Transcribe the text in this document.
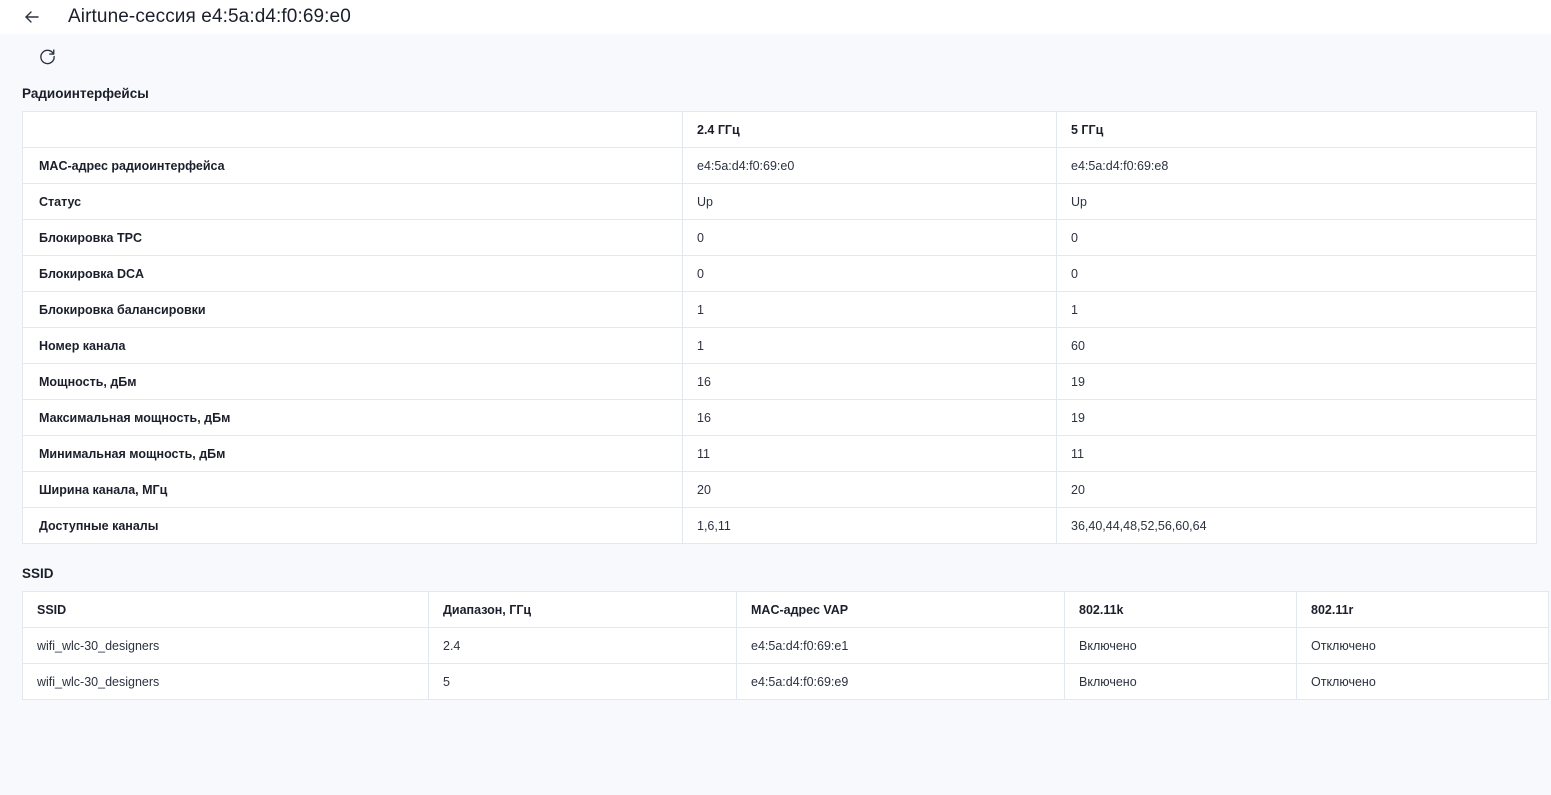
Airtune-сессия e4:5a:d4:f0:69:e0
Радиоинтерфейсы
	2.4 ГГц	5 ГГц
MAC-адрес радиоинтерфейса	e4:5a:d4:f0:69:e0	e4:5a:d4:f0:69:e8
Статус	Up	Up
Блокировка TPC	0	0
Блокировка DCA	0	0
Блокировка балансировки	1	1
Номер канала	1	60
Мощность, дБм	16	19
Максимальная мощность, дБм	16	19
Минимальная мощность, дБм	11	11
Ширина канала, МГц	20	20
Доступные каналы	1,6,11	36,40,44,48,52,56,60,64
SSID
SSID	Диапазон, ГГц	MAC-адрес VAP	802.11k	802.11r
wifi_wlc-30_designers	2.4	e4:5a:d4:f0:69:e1	Включено	Отключено
wifi_wlc-30_designers	5	e4:5a:d4:f0:69:e9	Включено	Отключено
